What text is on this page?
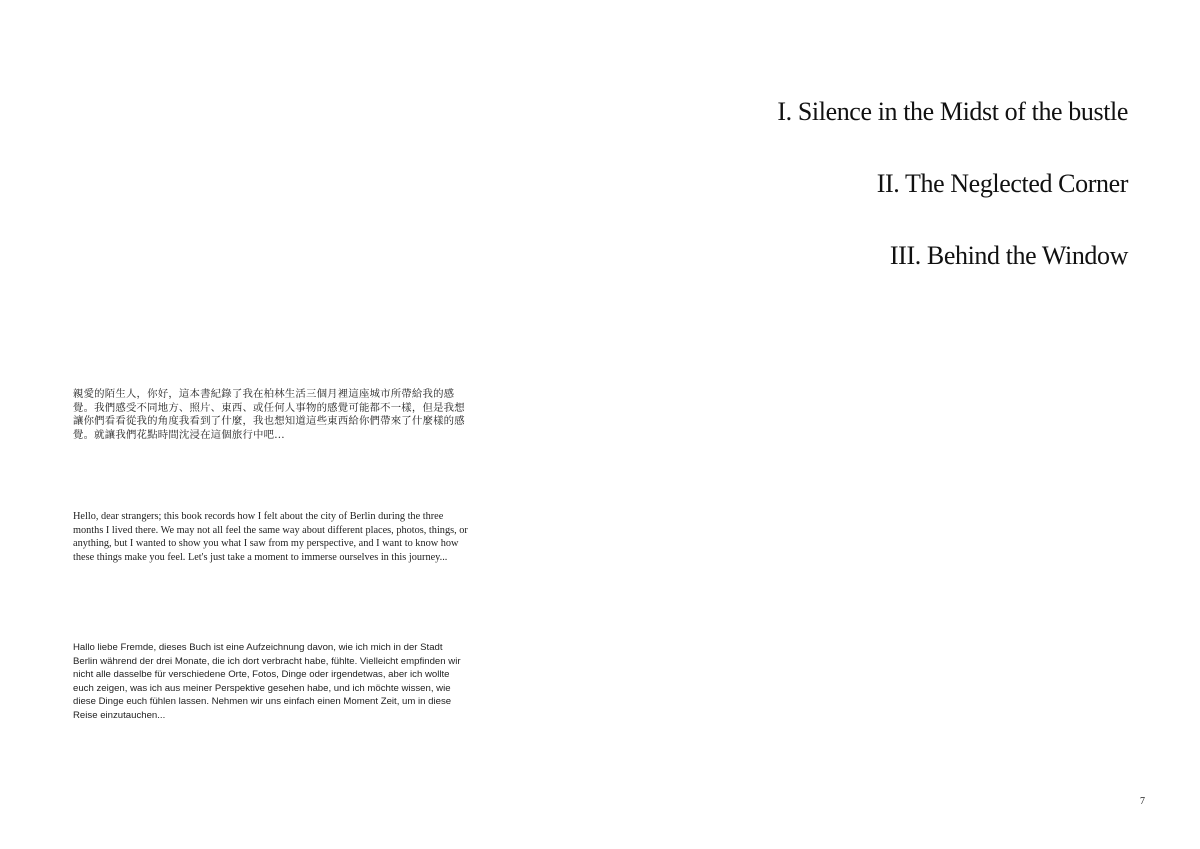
I. Silence in the Midst of the bustle
II. The Neglected Corner
III. Behind the Window
親愛的陌生人，你好，這本書紀錄了我在柏林生活三個月裡這座城市所帶給我的感覺。我們感受不同地方、照片、東西、或任何人事物的感覺可能都不一樣，但是我想讓你們看看從我的角度我看到了什麼，我也想知道這些東西給你們帶來了什麼樣的感覺。就讓我們花點時間沈浸在這個旅行中吧...
Hello, dear strangers; this book records how I felt about the city of Berlin during the three months I lived there. We may not all feel the same way about different places, photos, things, or anything, but I wanted to show you what I saw from my perspective, and I want to know how these things make you feel. Let's just take a moment to immerse ourselves in this journey...
Hallo liebe Fremde, dieses Buch ist eine Aufzeichnung davon, wie ich mich in der Stadt Berlin während der drei Monate, die ich dort verbracht habe, fühlte. Vielleicht empfinden wir nicht alle dasselbe für verschiedene Orte, Fotos, Dinge oder irgendetwas, aber ich wollte euch zeigen, was ich aus meiner Perspektive gesehen habe, und ich möchte wissen, wie diese Dinge euch fühlen lassen. Nehmen wir uns einfach einen Moment Zeit, um in diese Reise einzutauchen...
7
